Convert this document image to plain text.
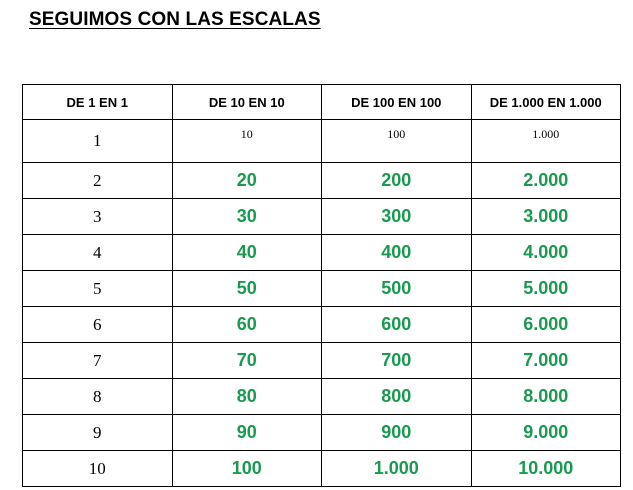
SEGUIMOS CON LAS ESCALAS
DE 1 EN 1	DE 10 EN 10	DE 100 EN 100	DE 1.000 EN 1.000
1	10	100	1.000
2	20	200	2.000
3	30	300	3.000
4	40	400	4.000
5	50	500	5.000
6	60	600	6.000
7	70	700	7.000
8	80	800	8.000
9	90	900	9.000
10	100	1.000	10.000
